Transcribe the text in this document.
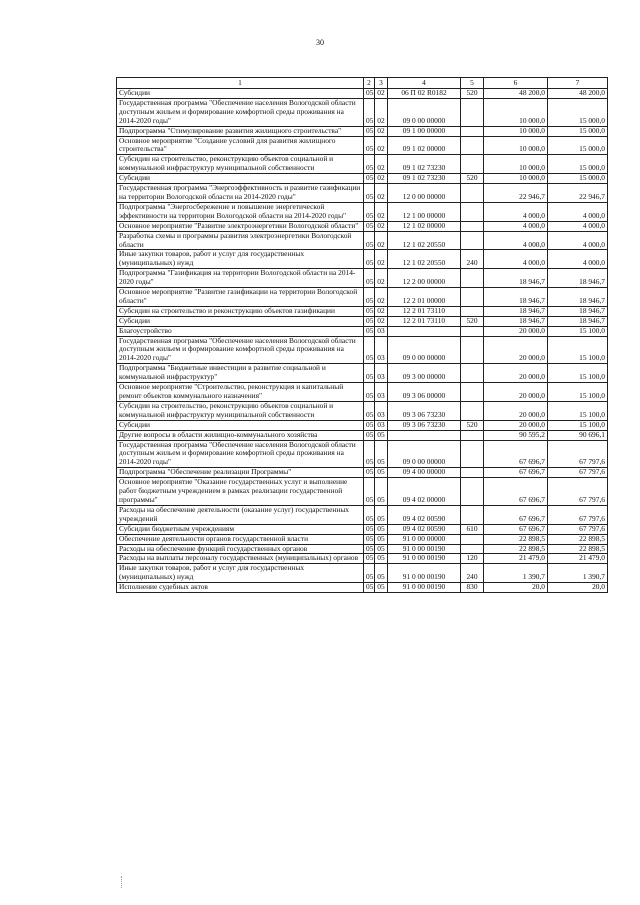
30
1	2	3	4	5	6	7
Субсидии	05	02	06 П 02 R0182	520	48 200,0	48 200,0
Государственная программа "Обеспечение населения Вологодской области доступным жильем и формирование комфортной среды проживания на 2014-2020 годы"	05	02	09 0 00 00000		10 000,0	15 000,0
Подпрограмма "Стимулирование развития жилищного строительства"	05	02	09 1 00 00000		10 000,0	15 000,0
Основное мероприятие "Создание условий для развития жилищного строительства"	05	02	09 1 02 00000		10 000,0	15 000,0
Субсидии на строительство, реконструкцию объектов социальной и коммунальной инфраструктур муниципальной собственности	05	02	09 1 02 73230		10 000,0	15 000,0
Субсидии	05	02	09 1 02 73230	520	10 000,0	15 000,0
Государственная программа "Энергоэффективность и развитие газификации на территории Вологодской области на 2014-2020 годы"	05	02	12 0 00 00000		22 946,7	22 946,7
Подпрограмма "Энергосбережение и повышение энергетической эффективности на территории Вологодской области на 2014-2020 годы"	05	02	12 1 00 00000		4 000,0	4 000,0
Основное мероприятие "Развитие электроэнергетики Вологодской области"	05	02	12 1 02 00000		4 000,0	4 000,0
Разработка схемы и программы развития электроэнергетики Вологодской области	05	02	12 1 02 20550		4 000,0	4 000,0
Иные закупки товаров, работ и услуг для государственных (муниципальных) нужд	05	02	12 1 02 20550	240	4 000,0	4 000,0
Подпрограмма "Газификация на территории Вологодской области на 2014-2020 годы"	05	02	12 2 00 00000		18 946,7	18 946,7
Основное мероприятие "Развитие газификации на территории Вологодской области"	05	02	12 2 01 00000		18 946,7	18 946,7
Субсидии на строительство и реконструкцию объектов газификации	05	02	12 2 01 73110		18 946,7	18 946,7
Субсидии	05	02	12 2 01 73110	520	18 946,7	18 946,7
Благоустройство	05	03			20 000,0	15 100,0
Государственная программа "Обеспечение населения Вологодской области доступным жильем и формирование комфортной среды проживания на 2014-2020 годы"	05	03	09 0 00 00000		20 000,0	15 100,0
Подпрограмма "Бюджетные инвестиции в развитие социальной и коммунальной инфраструктур"	05	03	09 3 00 00000		20 000,0	15 100,0
Основное мероприятие "Строительство, реконструкция и капитальный ремонт объектов коммунального назначения"	05	03	09 3 06 00000		20 000,0	15 100,0
Субсидии на строительство, реконструкцию объектов социальной и коммунальной инфраструктур муниципальной собственности	05	03	09 3 06 73230		20 000,0	15 100,0
Субсидии	05	03	09 3 06 73230	520	20 000,0	15 100,0
Другие вопросы в области жилищно-коммунального хозяйства	05	05			90 595,2	90 696,1
Государственная программа "Обеспечение населения Вологодской области доступным жильем и формирование комфортной среды проживания на 2014-2020 годы"	05	05	09 0 00 00000		67 696,7	67 797,6
Подпрограмма "Обеспечение реализации Программы"	05	05	09 4 00 00000		67 696,7	67 797,6
Основное мероприятие "Оказание государственных услуг и выполнение работ бюджетным учреждением в рамках реализации государственной программы"	05	05	09 4 02 00000		67 696,7	67 797,6
Расходы на обеспечение деятельности (оказание услуг) государственных учреждений	05	05	09 4 02 00590		67 696,7	67 797,6
Субсидии бюджетным учреждениям	05	05	09 4 02 00590	610	67 696,7	67 797,6
Обеспечение деятельности органов государственной власти	05	05	91 0 00 00000		22 898,5	22 898,5
Расходы на обеспечение функций государственных органов	05	05	91 0 00 00190		22 898,5	22 898,5
Расходы на выплаты персоналу государственных (муниципальных) органов	05	05	91 0 00 00190	120	21 479,0	21 479,0
Иные закупки товаров, работ и услуг для государственных (муниципальных) нужд	05	05	91 0 00 00190	240	1 390,7	1 390,7
Исполнение судебных актов	05	05	91 0 00 00190	830	20,0	20,0
